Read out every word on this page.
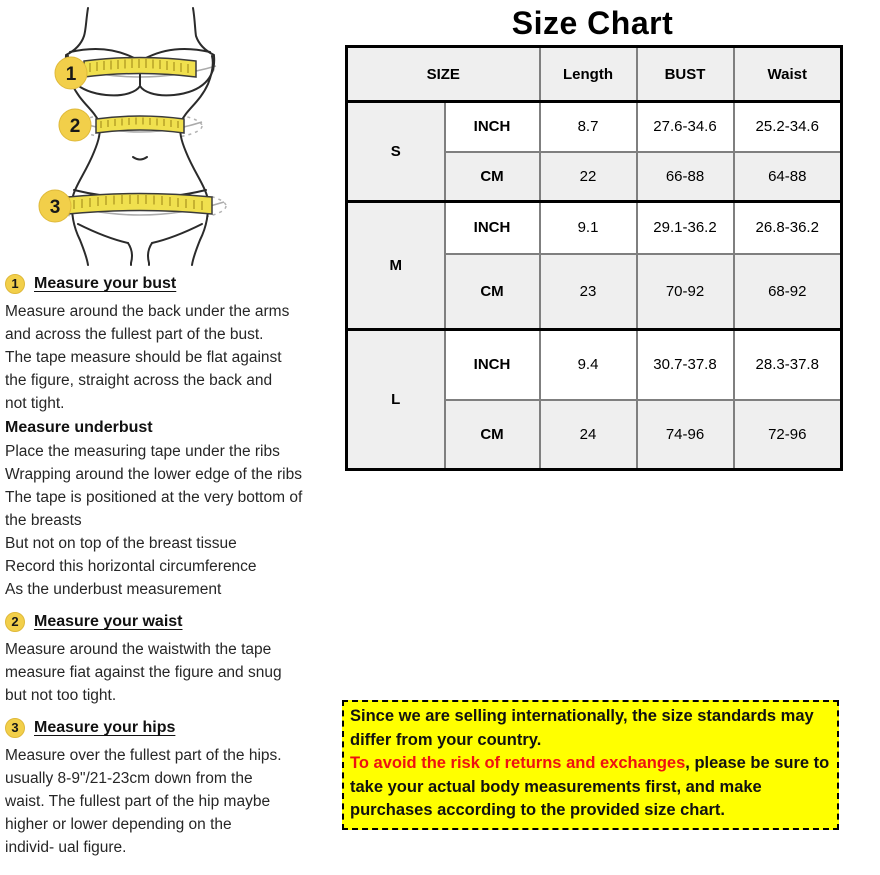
1
2
3
Size Chart
SIZE		Length	BUST	Waist
S	INCH	8.7	27.6-34.6	25.2-34.6
	CM	22	66-88	64-88
M	INCH	9.1	29.1-36.2	26.8-36.2
	CM	23	70-92	68-92
L	INCH	9.4	30.7-37.8	28.3-37.8
	CM	24	74-96	72-96
1 Measure your bust
Measure around the back under the arms
and across the fullest part of the bust.
The tape measure should be flat against
the figure, straight across the back and
not tight.
Measure underbust
Place the measuring tape under the ribs
Wrapping around the lower edge of the ribs
The tape is positioned at the very bottom of
the breasts
But not on top of the breast tissue
Record this horizontal circumference
As the underbust measurement
2 Measure your waist
Measure around the waistwith the tape
measure fiat against the figure and snug
but not too tight.
3 Measure your hips
Measure over the fullest part of the hips.
usually 8-9"/21-23cm down from the
waist. The fullest part of the hip maybe
higher or lower depending on the
individ- ual figure.

Since we are selling internationally, the size standards may differ from your country.

To avoid the risk of returns and exchanges, please be sure to take your actual body measurements first, and make purchases according to the provided size chart.
